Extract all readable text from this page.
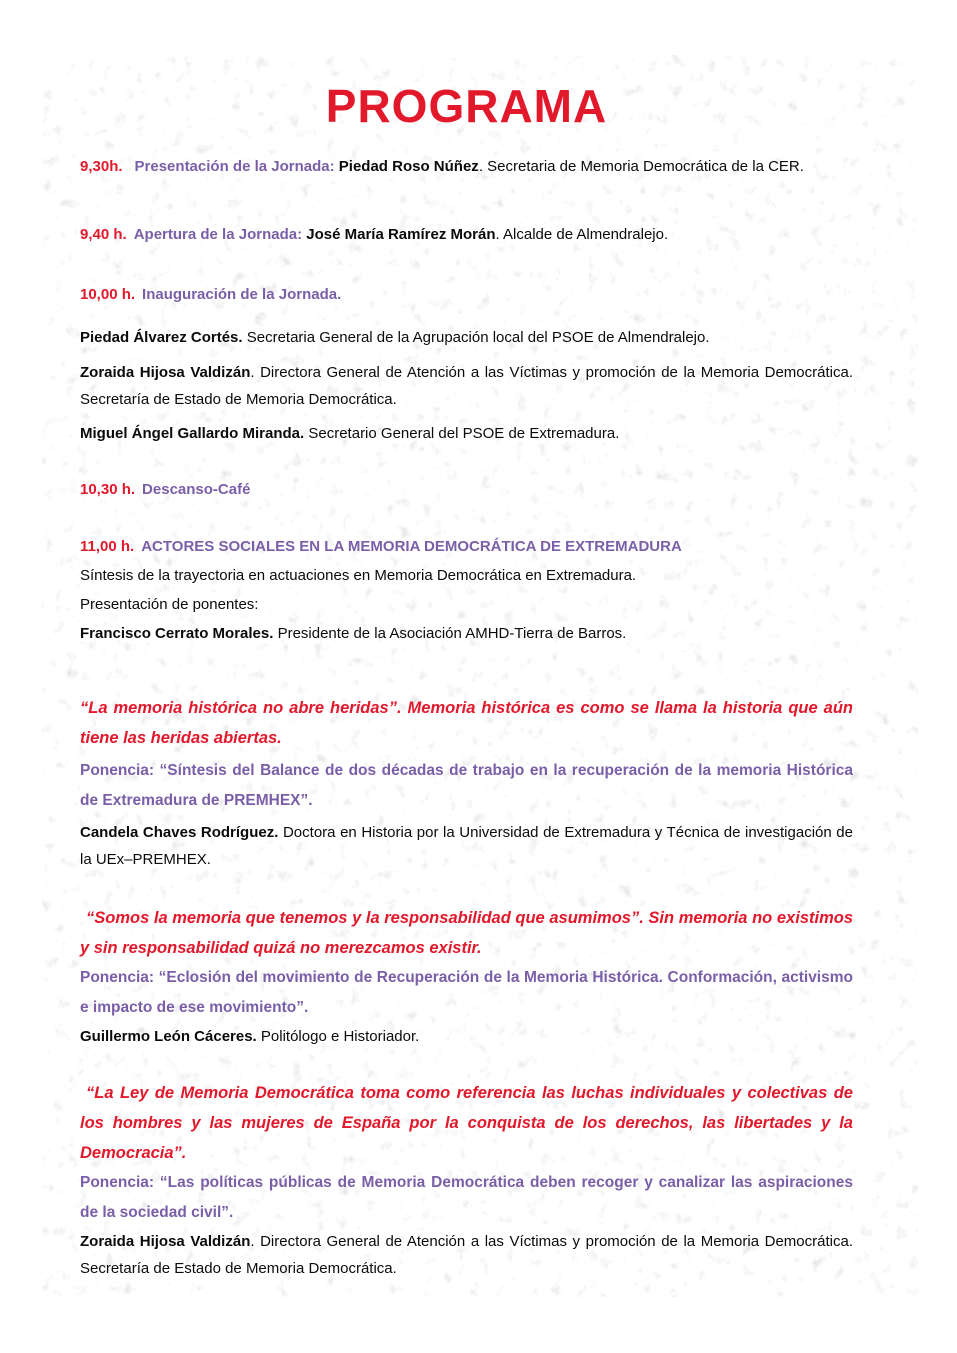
PROGRAMA

9,30h. Presentación de la Jornada: Piedad Roso Núñez. Secretaria de Memoria Democrática de la CER.

9,40 h. Apertura de la Jornada: José María Ramírez Morán. Alcalde de Almendralejo.

10,00 h. Inauguración de la Jornada.

Piedad Álvarez Cortés. Secretaria General de la Agrupación local del PSOE de Almendralejo.

Zoraida Hijosa Valdizán. Directora General de Atención a las Víctimas y promoción de la Memoria Democrática. Secretaría de Estado de Memoria Democrática.

Miguel Ángel Gallardo Miranda. Secretario General del PSOE de Extremadura.

10,30 h. Descanso-Café

11,00 h. ACTORES SOCIALES EN LA MEMORIA DEMOCRÁTICA DE EXTREMADURA

Síntesis de la trayectoria en actuaciones en Memoria Democrática en Extremadura.

Presentación de ponentes:

Francisco Cerrato Morales. Presidente de la Asociación AMHD-Tierra de Barros.

“La memoria histórica no abre heridas”. Memoria histórica es como se llama la historia que aún tiene las heridas abiertas.

Ponencia: “Síntesis del Balance de dos décadas de trabajo en la recuperación de la memoria Histórica de Extremadura de PREMHEX”.

Candela Chaves Rodríguez. Doctora en Historia por la Universidad de Extremadura y Técnica de investigación de la UEx–PREMHEX.

“Somos la memoria que tenemos y la responsabilidad que asumimos”. Sin memoria no existimos y sin responsabilidad quizá no merezcamos existir.

Ponencia: “Eclosión del movimiento de Recuperación de la Memoria Histórica. Conformación, activismo e impacto de ese movimiento”.

Guillermo León Cáceres. Politólogo e Historiador.

“La Ley de Memoria Democrática toma como referencia las luchas individuales y colectivas de los hombres y las mujeres de España por la conquista de los derechos, las libertades y la Democracia”.

Ponencia: “Las políticas públicas de Memoria Democrática deben recoger y canalizar las aspiraciones de la sociedad civil”.

Zoraida Hijosa Valdizán. Directora General de Atención a las Víctimas y promoción de la Memoria Democrática. Secretaría de Estado de Memoria Democrática.
